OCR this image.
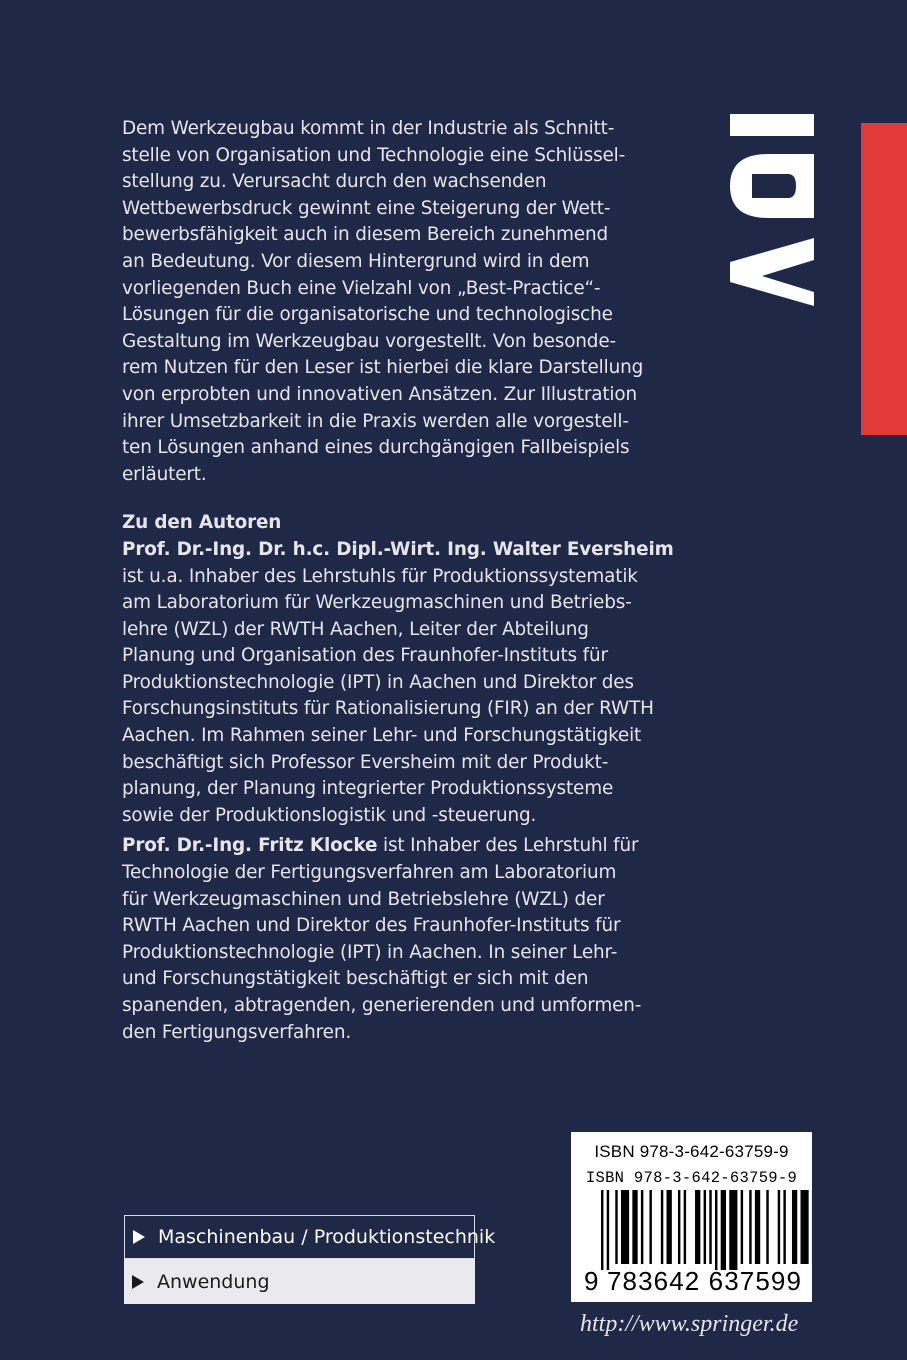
Dem Werkzeugbau kommt in der Industrie als Schnitt-
stelle von Organisation und Technologie eine Schlüssel-
stellung zu. Verursacht durch den wachsenden
Wettbewerbsdruck gewinnt eine Steigerung der Wett-
bewerbsfähigkeit auch in diesem Bereich zunehmend
an Bedeutung. Vor diesem Hintergrund wird in dem
vorliegenden Buch eine Vielzahl von „Best-Practice“-
Lösungen für die organisatorische und technologische
Gestaltung im Werkzeugbau vorgestellt. Von besonde-
rem Nutzen für den Leser ist hierbei die klare Darstellung
von erprobten und innovativen Ansätzen. Zur Illustration
ihrer Umsetzbarkeit in die Praxis werden alle vorgestell-
ten Lösungen anhand eines durchgängigen Fallbeispiels
erläutert.

Zu den Autoren

Prof. Dr.-Ing. Dr. h.c. Dipl.-Wirt. Ing. Walter Eversheim
ist u.a. Inhaber des Lehrstuhls für Produktionssystematik
am Laboratorium für Werkzeugmaschinen und Betriebs-
lehre (WZL) der RWTH Aachen, Leiter der Abteilung
Planung und Organisation des Fraunhofer-Instituts für
Produktionstechnologie (IPT) in Aachen und Direktor des
Forschungsinstituts für Rationalisierung (FIR) an der RWTH
Aachen. Im Rahmen seiner Lehr- und Forschungstätigkeit
beschäftigt sich Professor Eversheim mit der Produkt-
planung, der Planung integrierter Produktionssysteme
sowie der Produktionslogistik und -steuerung.

Prof. Dr.-Ing. Fritz Klocke ist Inhaber des Lehrstuhl für
Technologie der Fertigungsverfahren am Laboratorium
für Werkzeugmaschinen und Betriebslehre (WZL) der
RWTH Aachen und Direktor des Fraunhofer-Instituts für
Produktionstechnologie (IPT) in Aachen. In seiner Lehr-
und Forschungstätigkeit beschäftigt er sich mit den
spanenden, abtragenden, generierenden und umformen-
den Fertigungsverfahren.

Maschinenbau / Produktionstechnik
Anwendung
ISBN 978-3-642-63759-9
ISBN 978-3-642-63759-9
9 783642 637599
http://www.springer.de
